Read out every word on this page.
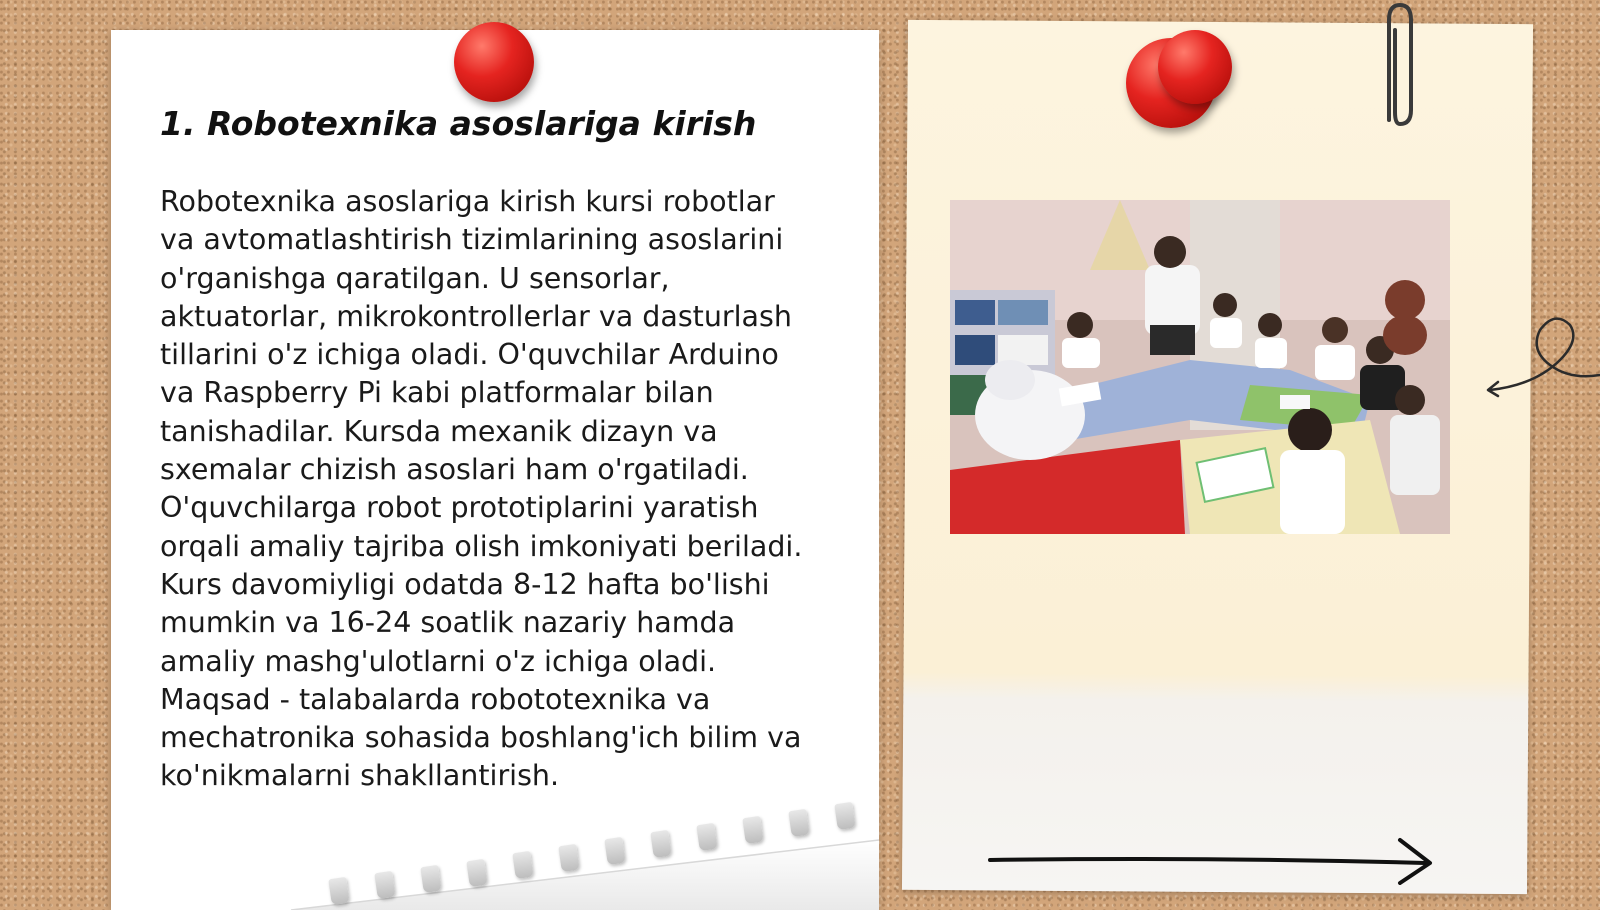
1. Robotexnika asoslariga kirish

Robotexnika asoslariga kirish kursi robotlar
va avtomatlashtirish tizimlarining asoslarini
o'rganishga qaratilgan. U sensorlar,
aktuatorlar, mikrokontrollerlar va dasturlash
tillarini o'z ichiga oladi. O'quvchilar Arduino
va Raspberry Pi kabi platformalar bilan
tanishadilar. Kursda mexanik dizayn va
sxemalar chizish asoslari ham o'rgatiladi.
O'quvchilarga robot prototiplarini yaratish
orqali amaliy tajriba olish imkoniyati beriladi.
Kurs davomiyligi odatda 8-12 hafta bo'lishi
mumkin va 16-24 soatlik nazariy hamda
amaliy mashg'ulotlarni o'z ichiga oladi.
Maqsad - talabalarda robototexnika va
mechatronika sohasida boshlang'ich bilim va
ko'nikmalarni shakllantirish.
